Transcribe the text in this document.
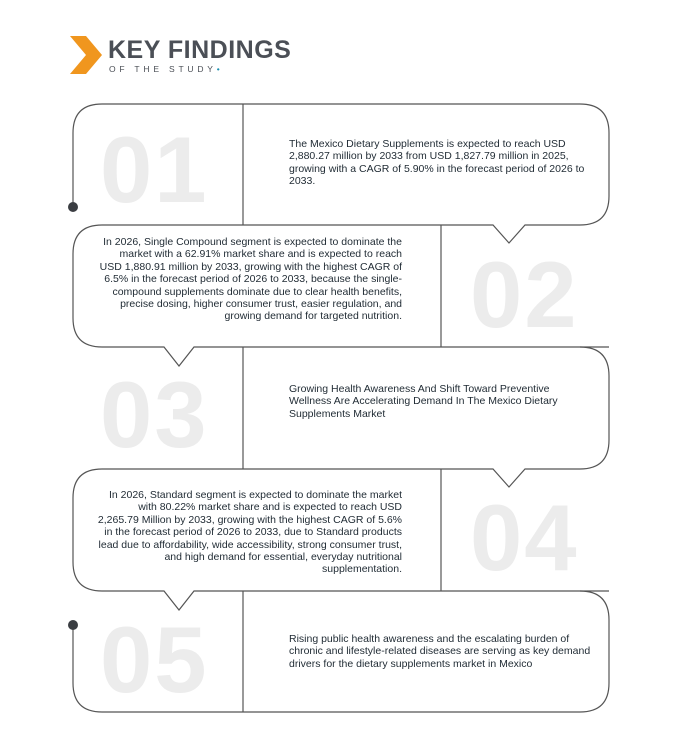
KEY FINDINGS
OF THE STUDY•
01	The Mexico Dietary Supplements is expected to reach USD 2,880.27 million by 2033 from USD 1,827.79 million in 2025, growing with a CAGR of 5.90% in the forecast period of 2026 to 2033.
02
In 2026, Single Compound segment is expected to dominate the market with a 62.91% market share and is expected to reach USD 1,880.91 million by 2033, growing with the highest CAGR of 6.5% in the forecast period of 2026 to 2033, because the single-compound supplements dominate due to clear health benefits, precise dosing, higher consumer trust, easier regulation, and growing demand for targeted nutrition.
03	Growing Health Awareness And Shift Toward Preventive Wellness Are Accelerating Demand In The Mexico Dietary Supplements Market
04
In 2026, Standard segment is expected to dominate the market with 80.22% market share and is expected to reach USD 2,265.79 Million by 2033, growing with the highest CAGR of 5.6% in the forecast period of 2026 to 2033, due to Standard products lead due to affordability, wide accessibility, strong consumer trust, and high demand for essential, everyday nutritional supplementation.
05	Rising public health awareness and the escalating burden of chronic and lifestyle-related diseases are serving as key demand drivers for the dietary supplements market in Mexico
